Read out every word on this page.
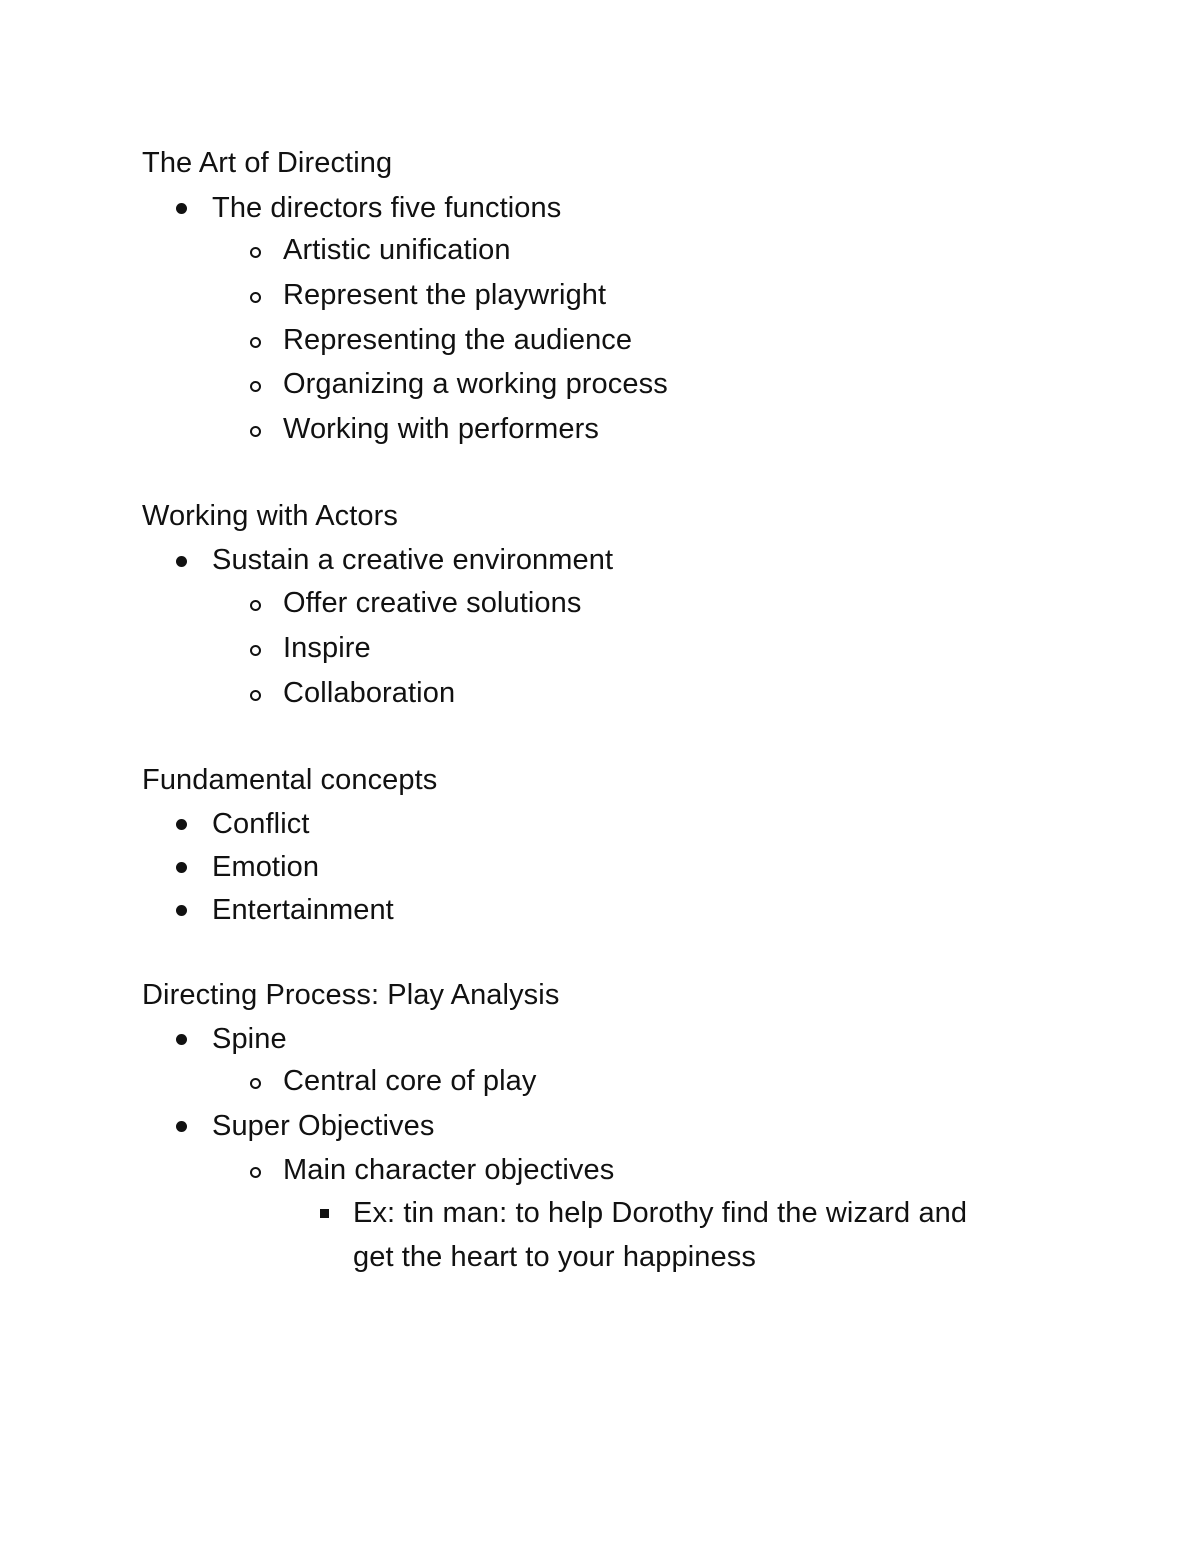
The Art of Directing
The directors five functions
Artistic unification
Represent the playwright
Representing the audience
Organizing a working process
Working with performers
Working with Actors
Sustain a creative environment
Offer creative solutions
Inspire
Collaboration
Fundamental concepts
Conflict
Emotion
Entertainment
Directing Process: Play Analysis
Spine
Central core of play
Super Objectives
Main character objectives
Ex: tin man: to help Dorothy find the wizard and
get the heart to your happiness
